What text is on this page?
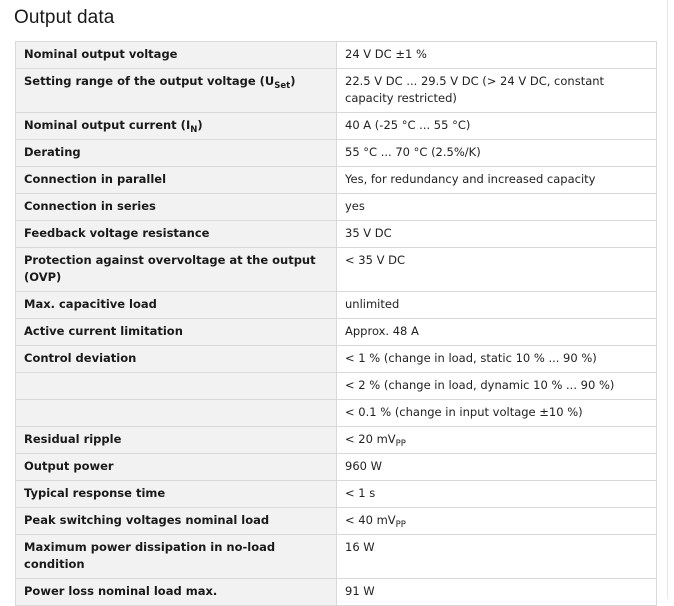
Output data
Nominal output voltage	24 V DC ±1 %
Setting range of the output voltage $(U_{Set})$	22.5 V DC ... 29.5 V DC (> 24 V DC, constant capacity restricted)
Nominal output current $(I_N)$	40 A (-25 °C ... 55 °C)
Derating	55 °C ... 70 °C (2.5%/K)
Connection in parallel	Yes, for redundancy and increased capacity
Connection in series	yes
Feedback voltage resistance	35 V DC
Protection against overvoltage at the output (OVP)	< 35 V DC
Max. capacitive load	unlimited
Active current limitation	Approx. 48 A
Control deviation	< 1 % (change in load, static 10 % ... 90 %)
	< 2 % (change in load, dynamic 10 % ... 90 %)
	< 0.1 % (change in input voltage ±10 %)
Residual ripple	< 20 $mV_{PP}$
Output power	960 W
Typical response time	< 1 s
Peak switching voltages nominal load	< 40 $mV_{PP}$
Maximum power dissipation in no-load condition	16 W
Power loss nominal load max.	91 W
